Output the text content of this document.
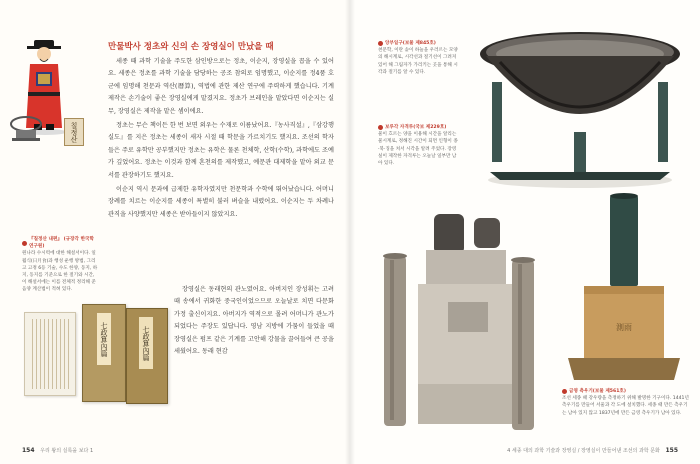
칠정산
만물박사 정초와 신의 손 장영실이 만났을 때

세종 때 과학 기술을 주도한 삼인방으로는 정초, 이순지, 장영실을 꼽을 수 있어요. 세종은 정초를 과학 기술을 담당하는 공조 참의로 임명했고, 이순지를 정4품 호군에 임명해 천문과 역산(曆算), 역법에 관한 제산 연구에 주력하게 했습니다. 기계 제작은 손기술이 좋은 장영실에게 맡겼지요. 정초가 브레인을 맡았다면 이순지는 실무, 장영실은 제작을 맡은 셈이에요.

정초는 무슨 책이든 한 번 보면 외우는 수재로 이름났어요.『농사직설』,『삼강행실도』를 지은 정초는 세종이 새자 시절 때 학문을 가르치기도 했지요. 조선의 학자들은 주로 유학만 공부했지만 정초는 유학은 물론 천체학, 산학(수학), 과학에도 조예가 깊었어요. 정초는 이것과 함께 혼천의를 제작했고, 예문관 대제학을 맡아 외교 문서를 관장하기도 했지요.

이순지 역시 문과에 급제한 유학자였지만 천문학과 수학에 뛰어났습니다. 어머니 장례를 치르는 이순지를 세종이 특별히 불러 벼슬을 내렸어요. 이순지는 두 차례나 관직을 사양했지만 세종은 받아들이지 않았지요.

『칠정산 내편』 (규장각 한국학연구원)
원나라 수시력에 대한 해설서이다. 일월식(日月食)과 행성 운행 방법, 그리고 고정 6등 기술, 수도 한양, 동지, 하지, 동지를 기준으로 한 절기와 시간, 이 해설서에는 이를 전체적 정리해 준 음양 계산법이 적혀 있다.
七政算內篇	七政算內篇

장영실은 동래현의 관노였어요. 아버지인 장성휘는 고려 때 송에서 귀화한 중국인이었으므로 오늘날로 치면 다문화 가정 출신이지요. 아버지가 역적으로 몰려 어머니가 관노가 되었다는 주장도 있답니다. 영남 지방에 가뭄이 들었을 때 장영실은 펌프 같은 기계를 고안해 강물을 끌어들여 큰 공을 세웠어요. 동래 현감

154 우리 왕의 실록을 보다 1
앙부일구(보물 제845호)
천문학, 이란 솥이 하늘을 우러르는 모양의 해시계로, 시각선과 절기선이 그려져 있어 해 그림자가 가리키는 곳을 통해 시각과 절기를 알 수 있다.
보루각 자격루(국보 제229호)
물이 흐르는 양을 이용해 시간을 알리는 물시계로, 정해진 시간이 되면 인형이 종·북·징을 쳐서 시각을 알려 주었다. 장영실이 제작한 자격루는 오늘날 일부만 남아 있다.
測雨
금영 측우기(보물 제561호)
조선 세종 때 강우량을 측정하기 위해 발명한 기구이다. 1441년 측우기를 만들어 서울과 각 도에 설치했다. 세종 때 만든 측우기는 남아 있지 않고 1837년에 만든 금영 측우기가 남아 있다.
4 세종 대의 과학 기술과 장영실 / 장영실이 만들어낸 조선의 과학 문화 155
